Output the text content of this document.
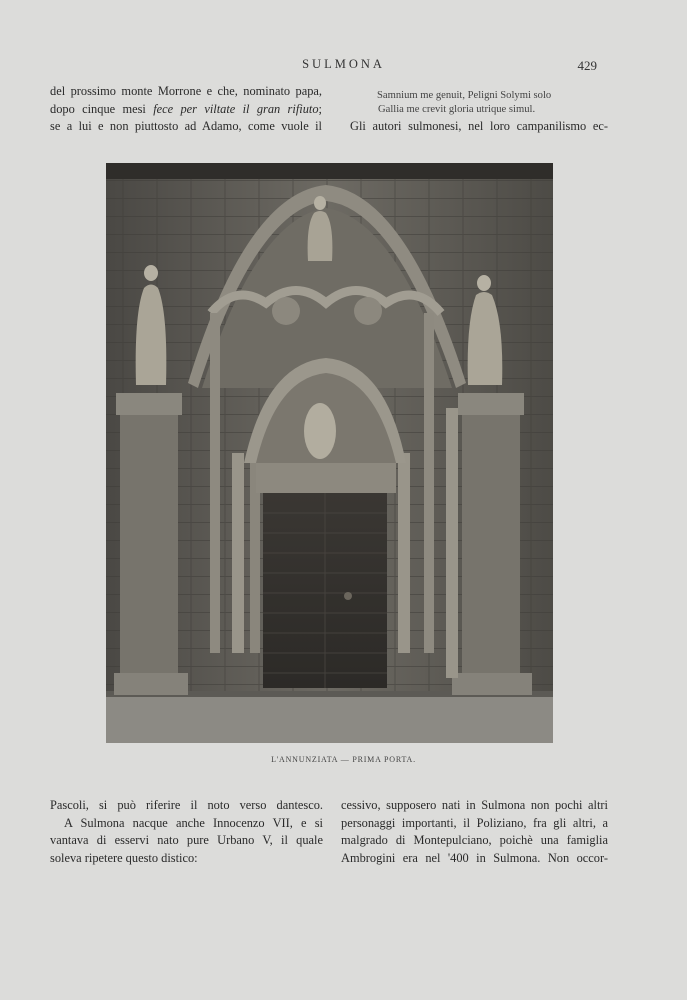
SULMONA	429
del prossimo monte Morrone e che, nominato papa,
dopo cinque mesi fece per viltate il gran rifiuto;
se a lui e non piuttosto ad Adamo, come vuole il
Samnium me genuit, Peligni Solymi solo
Gallia me crevit gloria utrique simul.
Gli autori sulmonesi, nel loro campanilismo ec-
L'ANNUNZIATA — PRIMA PORTA.
Pascoli, si può riferire il noto verso dantesco.
A Sulmona nacque anche Innocenzo VII, e si
vantava di esservi nato pure Urbano V, il quale
soleva ripetere questo distico:
cessivo, supposero nati in Sulmona non pochi altri
personaggi importanti, il Poliziano, fra gli altri, a
malgrado di Montepulciano, poichè una famiglia
Ambrogini era nel '400 in Sulmona. Non occor-
